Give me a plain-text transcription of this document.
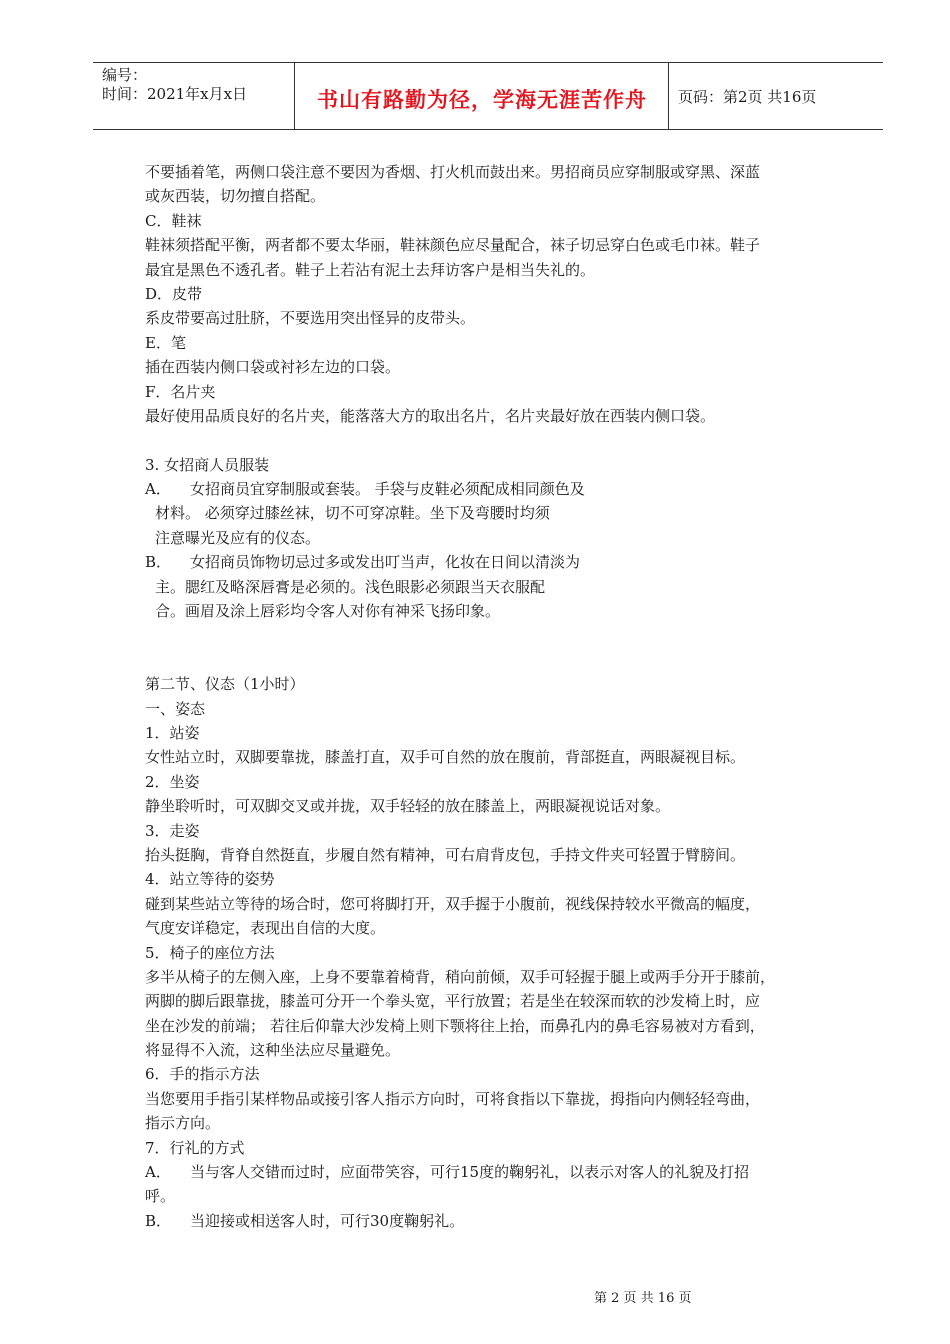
编号：
时间：2021年x月x日	书山有路勤为径，学海无涯苦作舟	页码：第2页 共16页
不要插着笔，两侧口袋注意不要因为香烟、打火机而鼓出来。男招商员应穿制服或穿黑、深蓝
或灰西装，切勿擅自搭配。
C．鞋袜
鞋袜须搭配平衡，两者都不要太华丽，鞋袜颜色应尽量配合，袜子切忌穿白色或毛巾袜。鞋子
最宜是黑色不透孔者。鞋子上若沾有泥土去拜访客户是相当失礼的。
D．皮带
系皮带要高过肚脐，不要选用突出怪异的皮带头。
E．笔
插在西装内侧口袋或衬衫左边的口袋。
F．名片夹
最好使用品质良好的名片夹，能落落大方的取出名片，名片夹最好放在西装内侧口袋。
3. 女招商人员服装
A． 女招商员宜穿制服或套装。 手袋与皮鞋必须配成相同颜色及
材料。 必须穿过膝丝袜，切不可穿凉鞋。坐下及弯腰时均须
注意曝光及应有的仪态。
B． 女招商员饰物切忌过多或发出叮当声，化妆在日间以清淡为
主。腮红及略深唇膏是必须的。浅色眼影必须跟当天衣服配
合。画眉及涂上唇彩均令客人对你有神采飞扬印象。
第二节、仪态（1小时）
一、姿态
1．站姿
女性站立时，双脚要靠拢，膝盖打直，双手可自然的放在腹前，背部挺直，两眼凝视目标。
2．坐姿
静坐聆听时，可双脚交叉或并拢，双手轻轻的放在膝盖上，两眼凝视说话对象。
3．走姿
抬头挺胸，背脊自然挺直，步履自然有精神，可右肩背皮包，手持文件夹可轻置于臂膀间。
4．站立等待的姿势
碰到某些站立等待的场合时，您可将脚打开，双手握于小腹前，视线保持较水平微高的幅度，
气度安详稳定，表现出自信的大度。
5．椅子的座位方法
多半从椅子的左侧入座，上身不要靠着椅背，稍向前倾，双手可轻握于腿上或两手分开于膝前，
两脚的脚后跟靠拢，膝盖可分开一个拳头宽，平行放置；若是坐在较深而软的沙发椅上时，应
坐在沙发的前端； 若往后仰靠大沙发椅上则下颚将往上抬，而鼻孔内的鼻毛容易被对方看到，
将显得不入流，这种坐法应尽量避免。
6．手的指示方法
当您要用手指引某样物品或接引客人指示方向时，可将食指以下靠拢，拇指向内侧轻轻弯曲，
指示方向。
7．行礼的方式
A． 当与客人交错而过时，应面带笑容，可行15度的鞠躬礼，以表示对客人的礼貌及打招
呼。
B． 当迎接或相送客人时，可行30度鞠躬礼。
第 2 页 共 16 页
